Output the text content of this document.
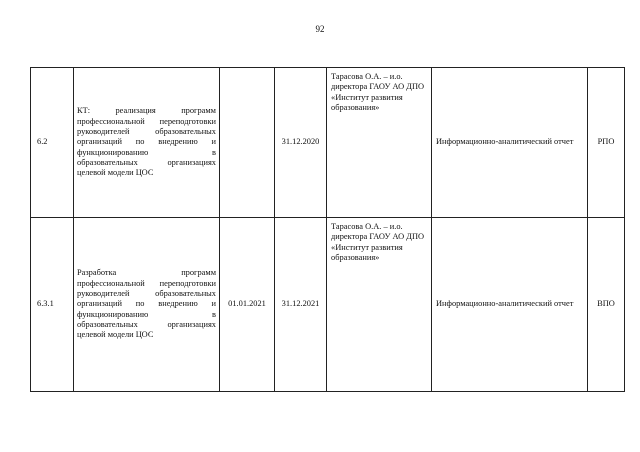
92
6.2	КТ: реализация программ профессиональной переподготовки руководителей образовательных организаций по внедрению и функционированию в образовательных организациях целевой модели ЦОС		31.12.2020	Тарасова О.А. – и.о. директора ГАОУ АО ДПО «Институт развития образования»	Информационно-аналитический отчет	РПО
6.3.1	Разработка программ профессиональной переподготовки руководителей образовательных организаций по внедрению и функционированию в образовательных организациях целевой модели ЦОС	01.01.2021	31.12.2021	Тарасова О.А. – и.о. директора ГАОУ АО ДПО «Институт развития образования»	Информационно-аналитический отчет	ВПО
